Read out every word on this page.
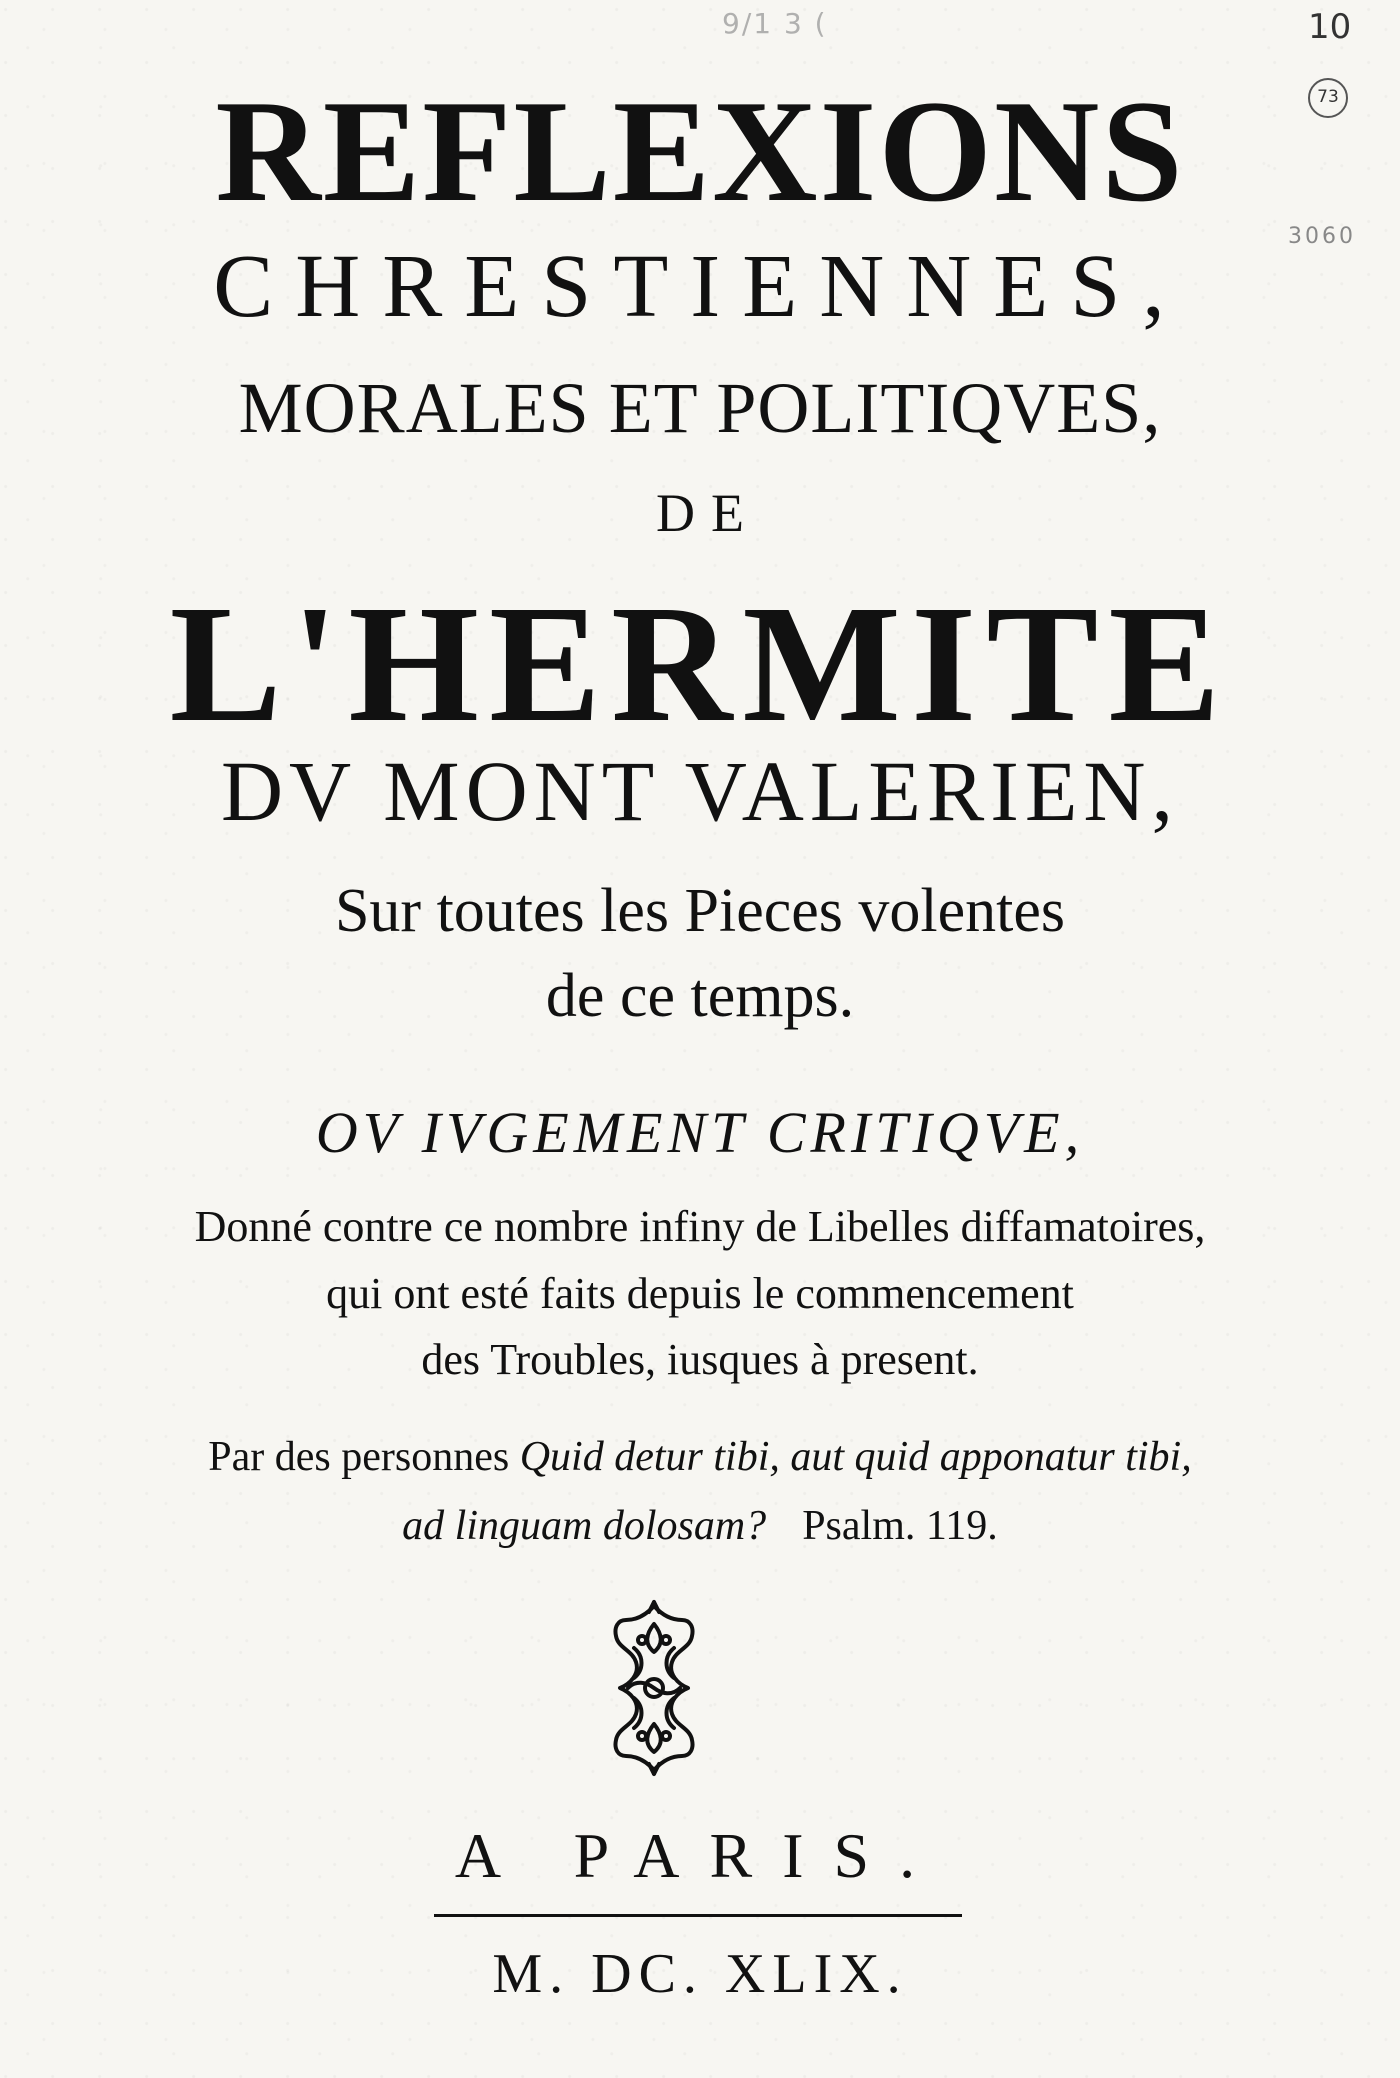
9/1 3 (	10
73
3060
REFLEXIONS
CHRESTIENNES,
MORALES ET POLITIQVES,
DE
L'HERMITE
DV MONT VALERIEN,
Sur toutes les Pieces volentes
de ce temps.
OV IVGEMENT CRITIQVE,
Donné contre ce nombre infiny de Libelles diffamatoires,
qui ont esté faits depuis le commencement
des Troubles, iusques à present.
Par des personnes Quid detur tibi, aut quid apponatur tibi,
ad linguam dolosam? Psalm. 119.
A PARIS.
M. DC. XLIX.
